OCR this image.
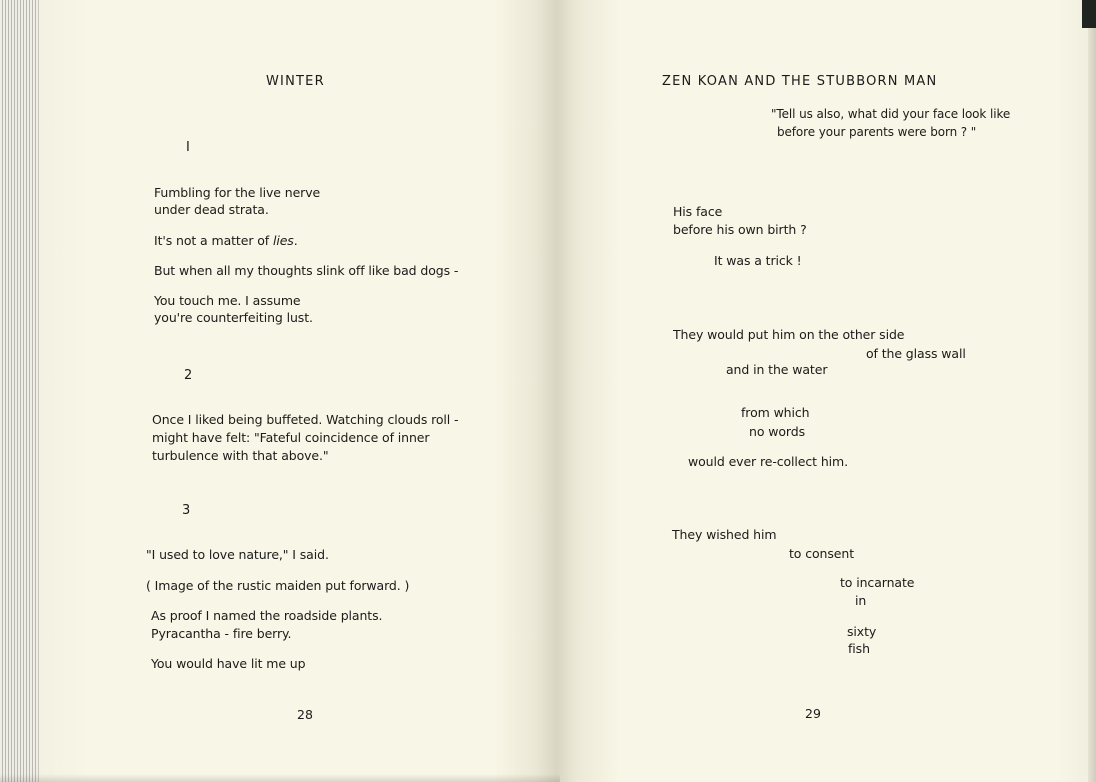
WINTER
I
Fumbling for the live nerve
under dead strata.
It's not a matter of lies.
But when all my thoughts slink off like bad dogs -
You touch me. I assume
you're counterfeiting lust.
2
Once I liked being buffeted. Watching clouds roll -
might have felt: "Fateful coincidence of inner
turbulence with that above."
3
"I used to love nature," I said.
( Image of the rustic maiden put forward. )
As proof I named the roadside plants.
Pyracantha - fire berry.
You would have lit me up
28
ZEN KOAN AND THE STUBBORN MAN
"Tell us also, what did your face look like
before your parents were born ? "
His face
before his own birth ?
It was a trick !
They would put him on the other side
of the glass wall
and in the water
from which
no words
would ever re-collect him.
They wished him
to consent
to incarnate
in
sixty
fish
29
